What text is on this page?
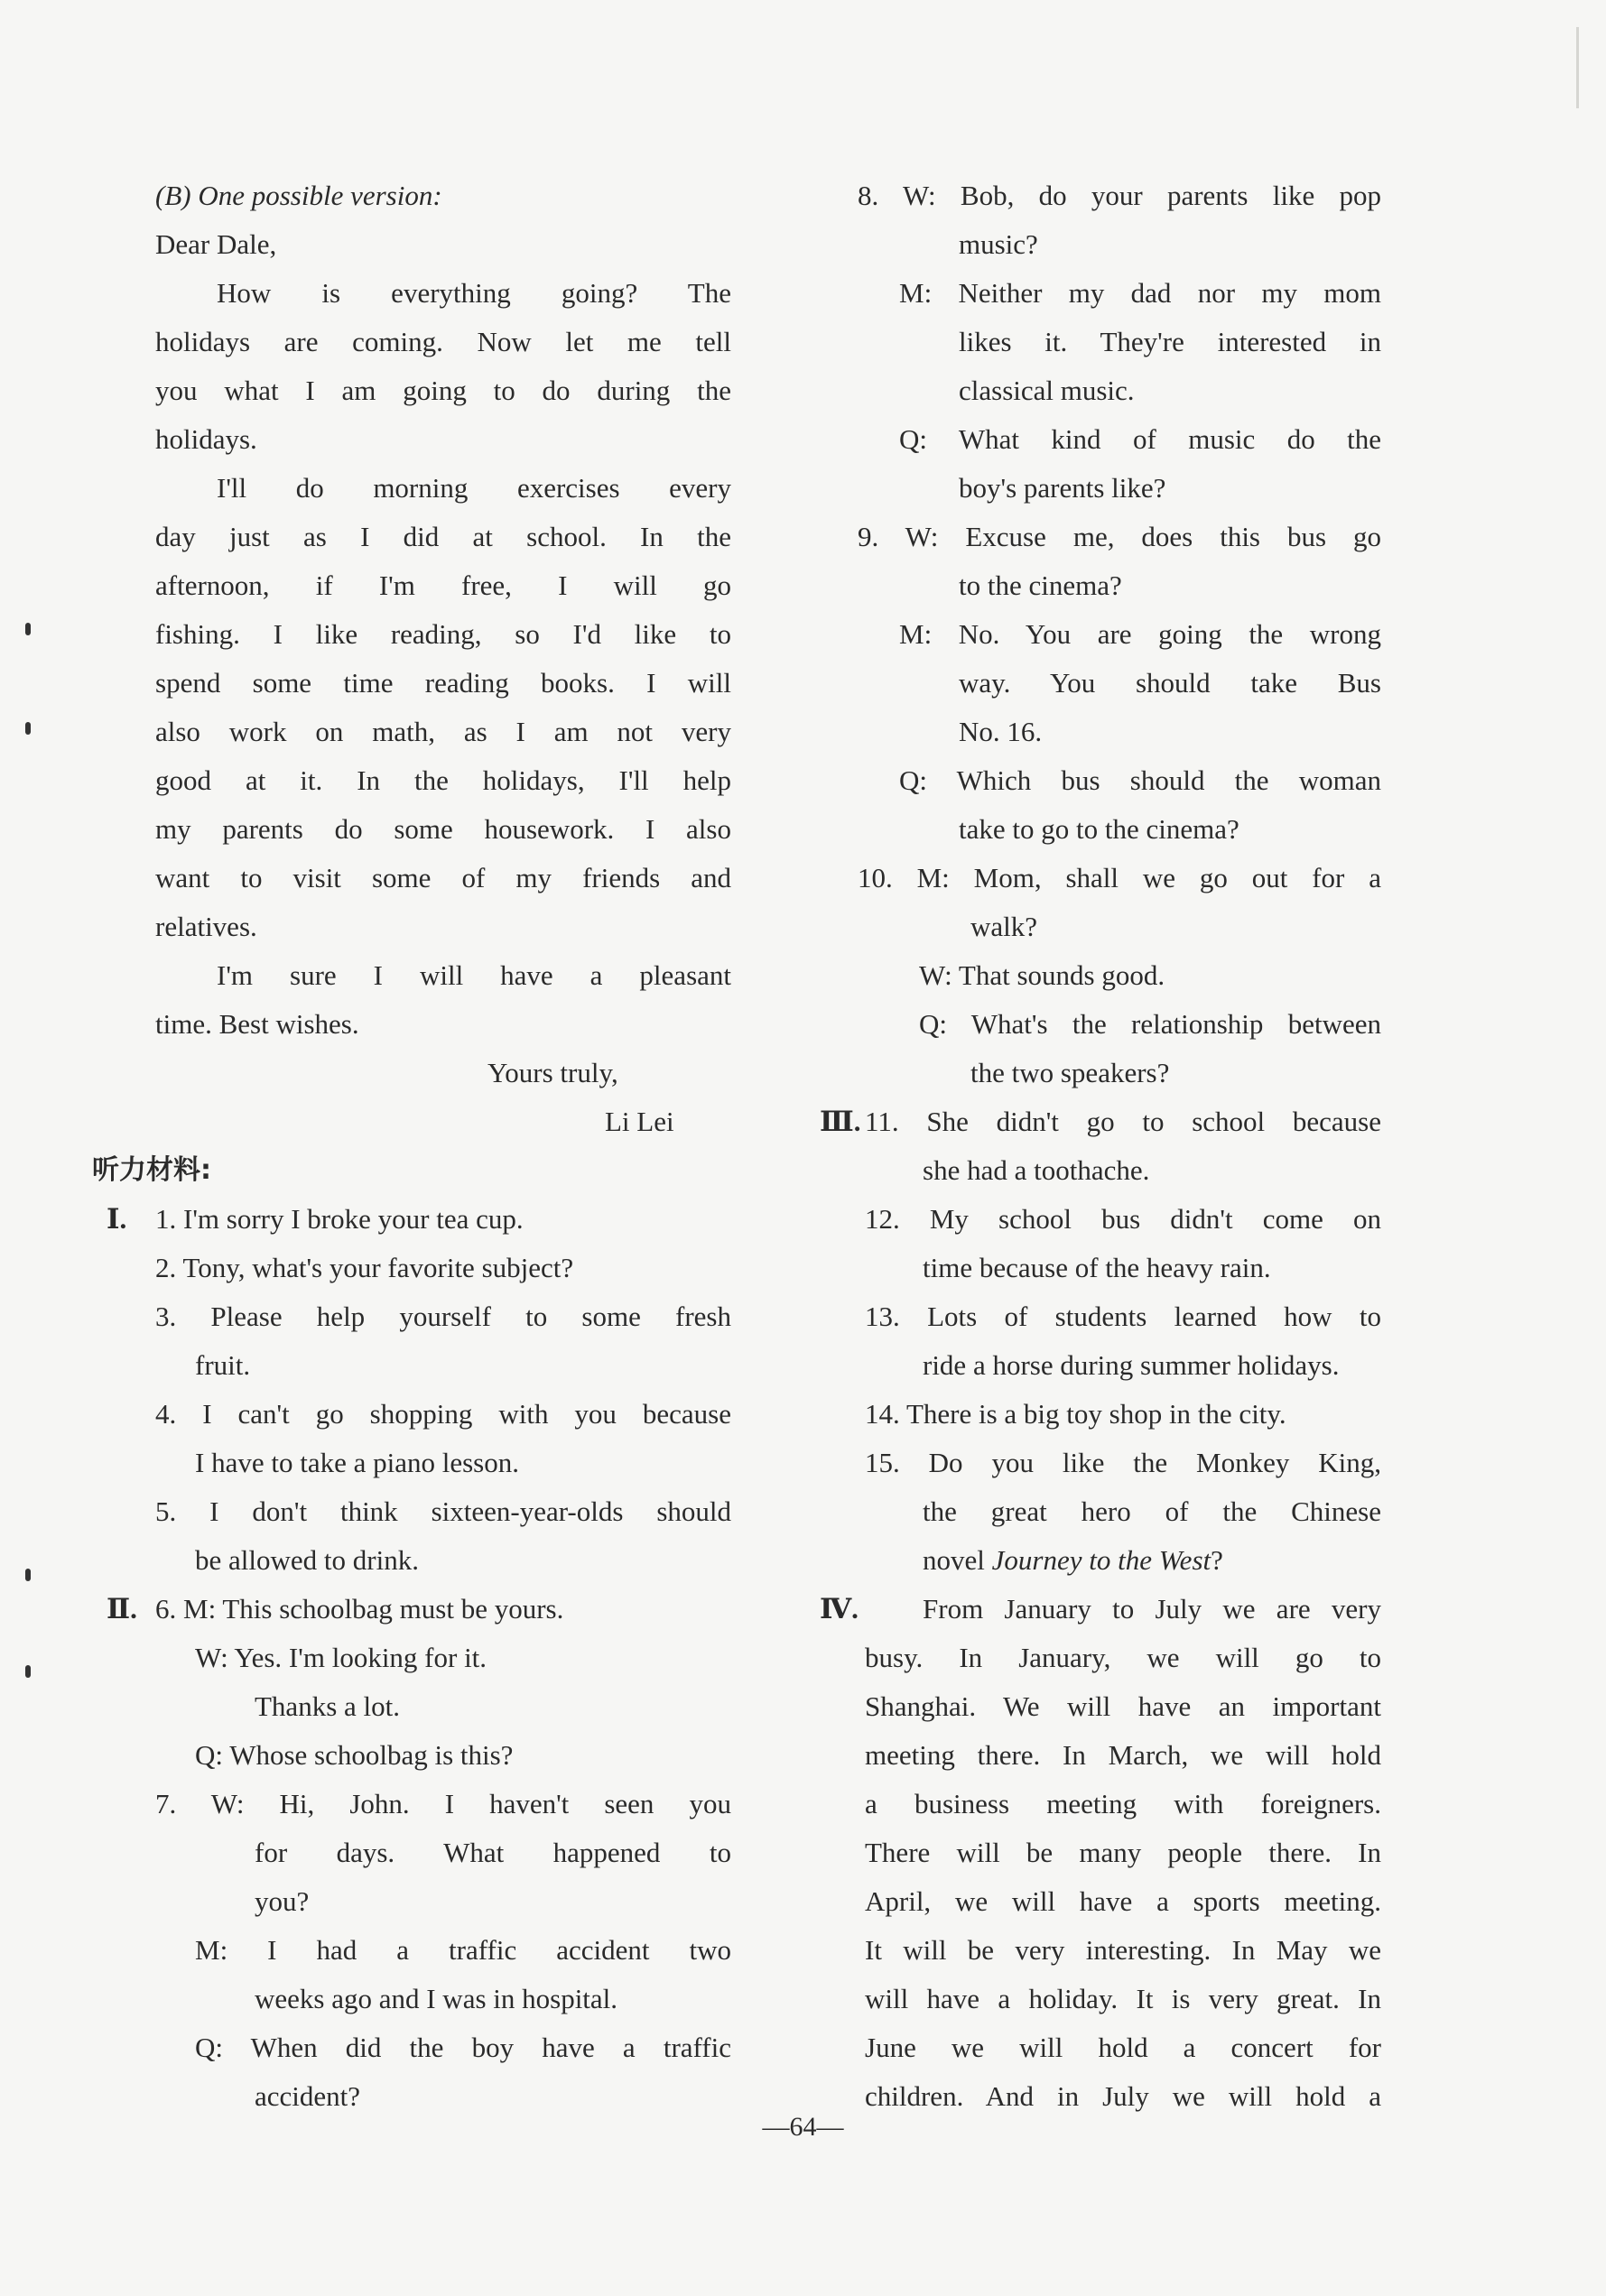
(B) One possible version:
Dear Dale,
How is everything going? The
holidays are coming. Now let me tell
you what I am going to do during the
holidays.
I'll do morning exercises every
day just as I did at school. In the
afternoon, if I'm free, I will go
fishing. I like reading, so I'd like to
spend some time reading books. I will
also work on math, as I am not very
good at it. In the holidays, I'll help
my parents do some housework. I also
want to visit some of my friends and
relatives.
I'm sure I will have a pleasant
time. Best wishes.
Yours truly,
Li Lei
听力材料:
Ⅰ. 1. I'm sorry I broke your tea cup.
2. Tony, what's your favorite subject?
3. Please help yourself to some fresh
fruit.
4. I can't go shopping with you because
I have to take a piano lesson.
5. I don't think sixteen-year-olds should
be allowed to drink.
Ⅱ. 6. M: This schoolbag must be yours.
W: Yes. I'm looking for it.
Thanks a lot.
Q: Whose schoolbag is this?
7. W: Hi, John. I haven't seen you
for days. What happened to
you?
M: I had a traffic accident two
weeks ago and I was in hospital.
Q: When did the boy have a traffic
accident?
8. W: Bob, do your parents like pop
music?
M: Neither my dad nor my mom
likes it. They're interested in
classical music.
Q: What kind of music do the
boy's parents like?
9. W: Excuse me, does this bus go
to the cinema?
M: No. You are going the wrong
way. You should take Bus
No. 16.
Q: Which bus should the woman
take to go to the cinema?
10. M: Mom, shall we go out for a
walk?
W: That sounds good.
Q: What's the relationship between
the two speakers?
Ⅲ. 11. She didn't go to school because
she had a toothache.
12. My school bus didn't come on
time because of the heavy rain.
13. Lots of students learned how to
ride a horse during summer holidays.
14. There is a big toy shop in the city.
15. Do you like the Monkey King,
the great hero of the Chinese
novel Journey to the West?
Ⅳ. From January to July we are very
busy. In January, we will go to
Shanghai. We will have an important
meeting there. In March, we will hold
a business meeting with foreigners.
There will be many people there. In
April, we will have a sports meeting.
It will be very interesting. In May we
will have a holiday. It is very great. In
June we will hold a concert for
children. And in July we will hold a
—64—
